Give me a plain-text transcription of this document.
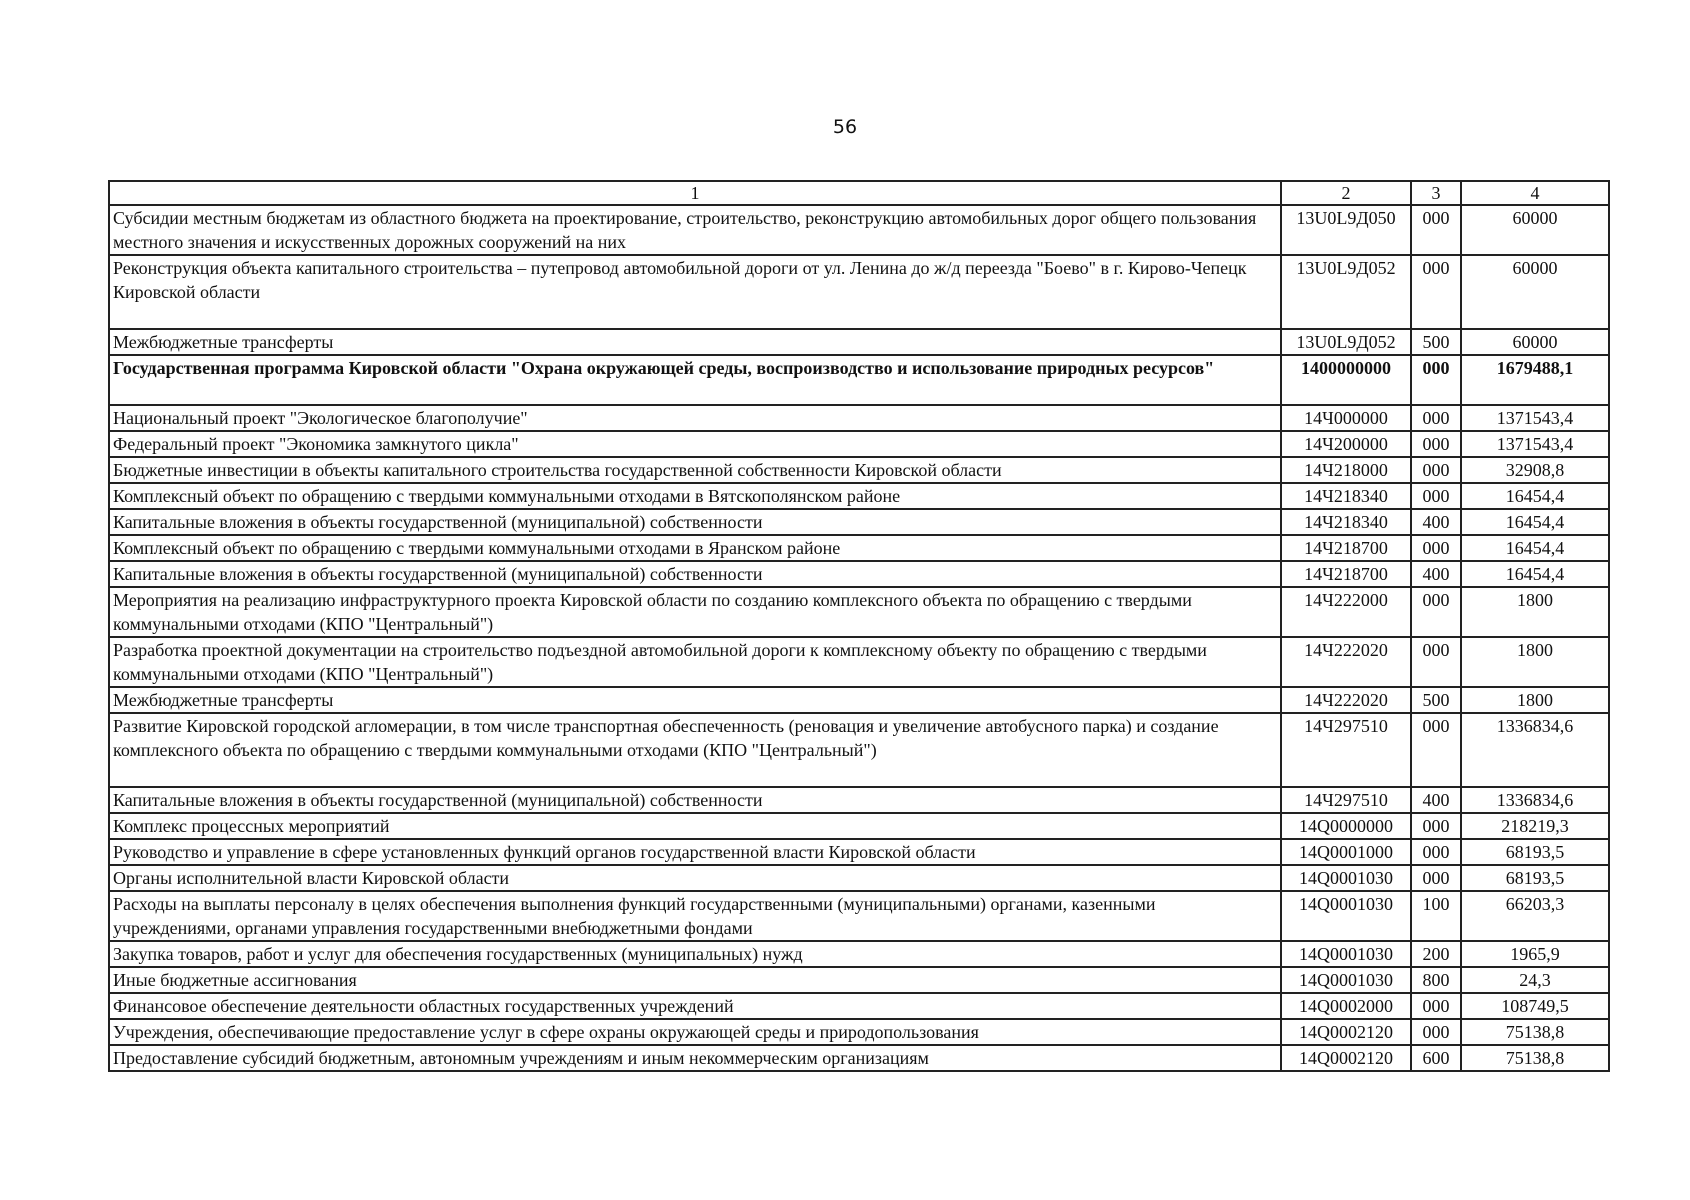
56
1	2	3	4
Субсидии местным бюджетам из областного бюджета на проектирование, строительство, реконструкцию автомобильных дорог общего пользования местного значения и искусственных дорожных сооружений на них	13U0L9Д050	000	60000
Реконструкция объекта капитального строительства – путепровод автомобильной дороги от ул. Ленина до ж/д переезда "Боево" в г. Кирово-Чепецк Кировской области	13U0L9Д052	000	60000
Межбюджетные трансферты	13U0L9Д052	500	60000
Государственная программа Кировской области "Охрана окружающей среды, воспроизводство и использование природных ресурсов"	1400000000	000	1679488,1
Национальный проект "Экологическое благополучие"	14Ч000000	000	1371543,4
Федеральный проект "Экономика замкнутого цикла"	14Ч200000	000	1371543,4
Бюджетные инвестиции в объекты капитального строительства государственной собственности Кировской области	14Ч218000	000	32908,8
Комплексный объект по обращению с твердыми коммунальными отходами в Вятскополянском районе	14Ч218340	000	16454,4
Капитальные вложения в объекты государственной (муниципальной) собственности	14Ч218340	400	16454,4
Комплексный объект по обращению с твердыми коммунальными отходами в Яранском районе	14Ч218700	000	16454,4
Капитальные вложения в объекты государственной (муниципальной) собственности	14Ч218700	400	16454,4
Мероприятия на реализацию инфраструктурного проекта Кировской области по созданию комплексного объекта по обращению с твердыми коммунальными отходами (КПО "Центральный")	14Ч222000	000	1800
Разработка проектной документации на строительство подъездной автомобильной дороги к комплексному объекту по обращению с твердыми коммунальными отходами (КПО "Центральный")	14Ч222020	000	1800
Межбюджетные трансферты	14Ч222020	500	1800
Развитие Кировской городской агломерации, в том числе транспортная обеспеченность (реновация и увеличение автобусного парка) и создание комплексного объекта по обращению с твердыми коммунальными отходами (КПО "Центральный")	14Ч297510	000	1336834,6
Капитальные вложения в объекты государственной (муниципальной) собственности	14Ч297510	400	1336834,6
Комплекс процессных мероприятий	14Q0000000	000	218219,3
Руководство и управление в сфере установленных функций органов государственной власти Кировской области	14Q0001000	000	68193,5
Органы исполнительной власти Кировской области	14Q0001030	000	68193,5
Расходы на выплаты персоналу в целях обеспечения выполнения функций государственными (муниципальными) органами, казенными учреждениями, органами управления государственными внебюджетными фондами	14Q0001030	100	66203,3
Закупка товаров, работ и услуг для обеспечения государственных (муниципальных) нужд	14Q0001030	200	1965,9
Иные бюджетные ассигнования	14Q0001030	800	24,3
Финансовое обеспечение деятельности областных государственных учреждений	14Q0002000	000	108749,5
Учреждения, обеспечивающие предоставление услуг в сфере охраны окружающей среды и природопользования	14Q0002120	000	75138,8
Предоставление субсидий бюджетным, автономным учреждениям и иным некоммерческим организациям	14Q0002120	600	75138,8
